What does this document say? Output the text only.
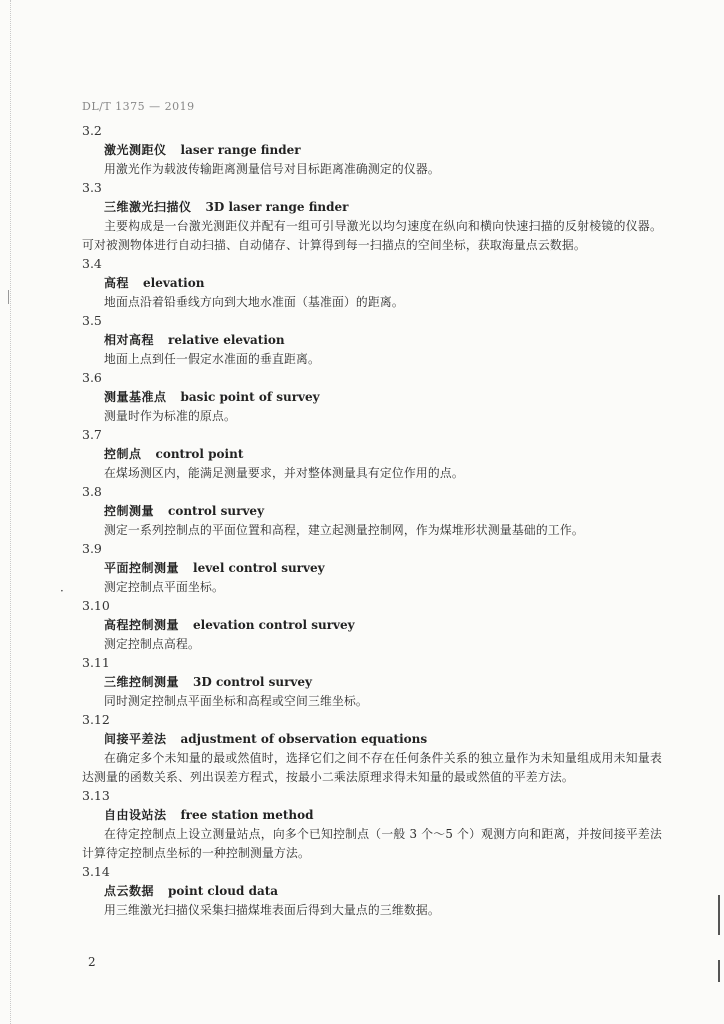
DL/T 1375 — 2019
3.2
激光测距仪 laser range finder
用激光作为载波传输距离测量信号对目标距离准确测定的仪器。
3.3
三维激光扫描仪 3D laser range finder
主要构成是一台激光测距仪并配有一组可引导激光以均匀速度在纵向和横向快速扫描的反射棱镜的仪器。可对被测物体进行自动扫描、自动储存、计算得到每一扫描点的空间坐标，获取海量点云数据。
3.4
高程 elevation
地面点沿着铅垂线方向到大地水准面（基准面）的距离。
3.5
相对高程 relative elevation
地面上点到任一假定水准面的垂直距离。
3.6
测量基准点 basic point of survey
测量时作为标准的原点。
3.7
控制点 control point
在煤场测区内，能满足测量要求，并对整体测量具有定位作用的点。
3.8
控制测量 control survey
测定一系列控制点的平面位置和高程，建立起测量控制网，作为煤堆形状测量基础的工作。
3.9
平面控制测量 level control survey
测定控制点平面坐标。
3.10
高程控制测量 elevation control survey
测定控制点高程。
3.11
三维控制测量 3D control survey
同时测定控制点平面坐标和高程或空间三维坐标。
3.12
间接平差法 adjustment of observation equations
在确定多个未知量的最或然值时，选择它们之间不存在任何条件关系的独立量作为未知量组成用未知量表达测量的函数关系、列出误差方程式，按最小二乘法原理求得未知量的最或然值的平差方法。
3.13
自由设站法 free station method
在待定控制点上设立测量站点，向多个已知控制点（一般 3 个～5 个）观测方向和距离，并按间接平差法计算待定控制点坐标的一种控制测量方法。
3.14
点云数据 point cloud data
用三维激光扫描仪采集扫描煤堆表面后得到大量点的三维数据。
·
2
